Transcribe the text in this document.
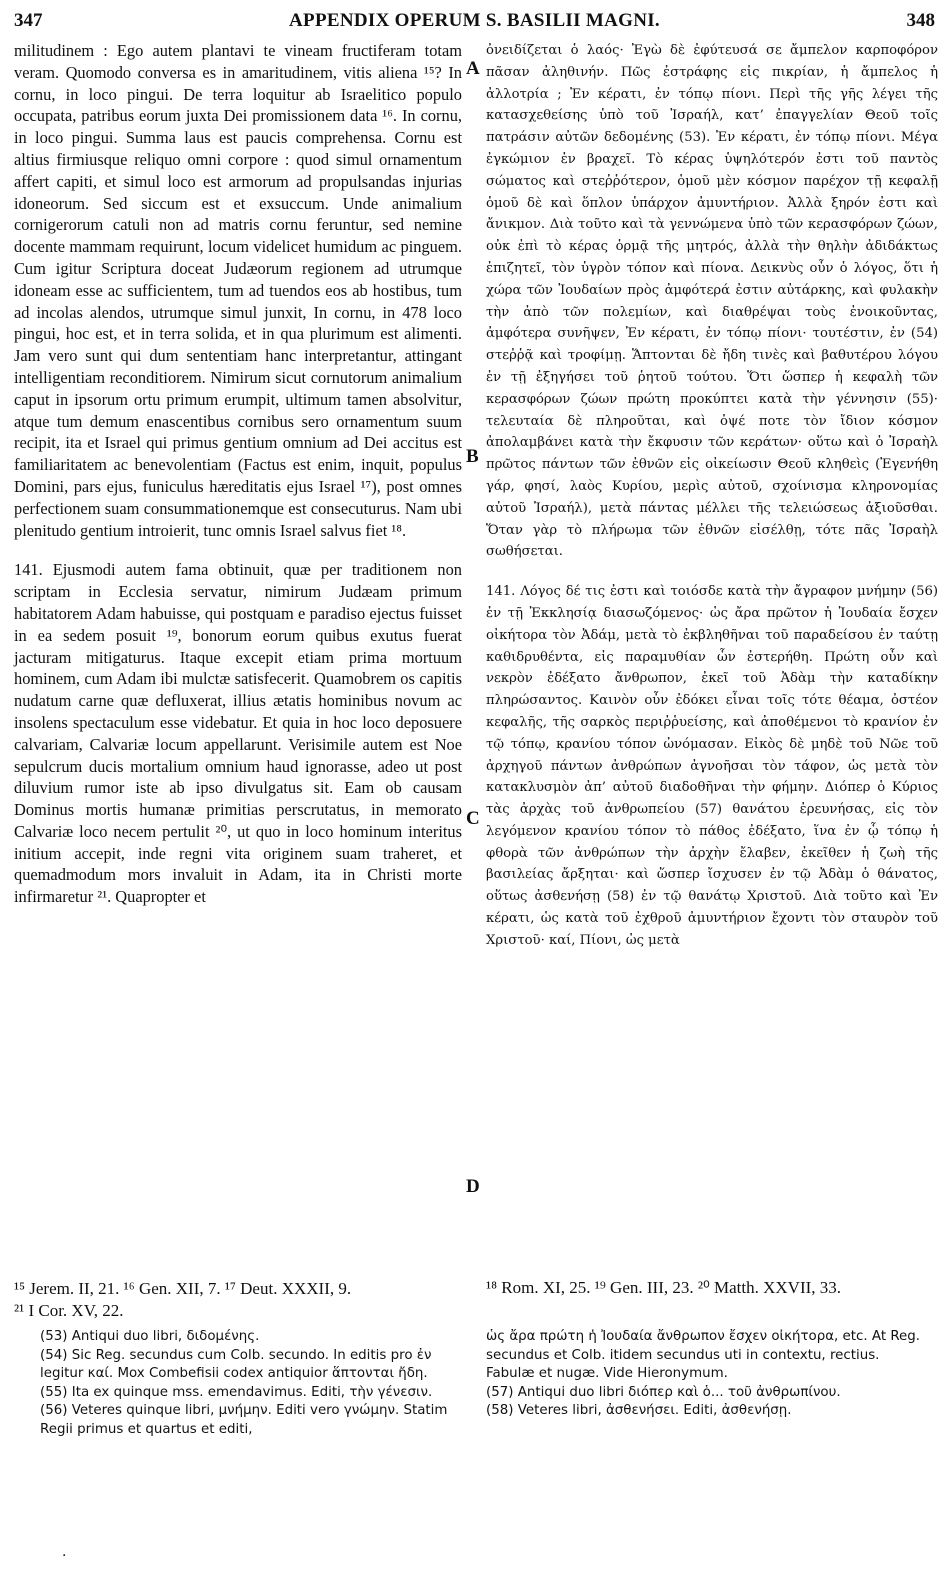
347	APPENDIX OPERUM S. BASILII MAGNI.	348

militudinem : Ego autem plantavi te vineam fructiferam totam veram. Quomodo conversa es in amaritudinem, vitis aliena ¹⁵? In cornu, in loco pingui. De terra loquitur ab Israelitico populo occupata, patribus eorum juxta Dei promissionem data ¹⁶. In cornu, in loco pingui. Summa laus est paucis comprehensa. Cornu est altius firmiusque reliquo omni corpore : quod simul ornamentum affert capiti, et simul loco est armorum ad propulsandas injurias idoneorum. Sed siccum est et exsuccum. Unde animalium cornigerorum catuli non ad matris cornu feruntur, sed nemine docente mammam requirunt, locum videlicet humidum ac pinguem. Cum igitur Scriptura doceat Judæorum regionem ad utrumque idoneam esse ac sufficientem, tum ad tuendos eos ab hostibus, tum ad incolas alendos, utrumque simul junxit, In cornu, in 478 loco pingui, hoc est, et in terra solida, et in qua plurimum est alimenti. Jam vero sunt qui dum sententiam hanc interpretantur, attingant intelligentiam reconditiorem. Nimirum sicut cornutorum animalium caput in ipsorum ortu primum erumpit, ultimum tamen absolvitur, atque tum demum enascentibus cornibus sero ornamentum suum recipit, ita et Israel qui primus gentium omnium ad Dei accitus est familiaritatem ac benevolentiam (Factus est enim, inquit, populus Domini, pars ejus, funiculus hæreditatis ejus Israel ¹⁷), post omnes perfectionem suam consummationemque est consecuturus. Nam ubi plenitudo gentium introierit, tunc omnis Israel salvus fiet ¹⁸.

141. Ejusmodi autem fama obtinuit, quæ per traditionem non scriptam in Ecclesia servatur, nimirum Judæam primum habitatorem Adam habuisse, qui postquam e paradiso ejectus fuisset in ea sedem posuit ¹⁹, bonorum eorum quibus exutus fuerat jacturam mitigaturus. Itaque excepit etiam prima mortuum hominem, cum Adam ibi mulctæ satisfecerit. Quamobrem os capitis nudatum carne quæ defluxerat, illius ætatis hominibus novum ac insolens spectaculum esse videbatur. Et quia in hoc loco deposuere calvariam, Calvariæ locum appellarunt. Verisimile autem est Noe sepulcrum ducis mortalium omnium haud ignorasse, adeo ut post diluvium rumor iste ab ipso divulgatus sit. Eam ob causam Dominus mortis humanæ primitias perscrutatus, in memorato Calvariæ loco necem pertulit ²⁰, ut quo in loco hominum interitus initium accepit, inde regni vita originem suam traheret, et quemadmodum mors invaluit in Adam, ita in Christi morte infirmaretur ²¹. Quapropter et

ὀνειδίζεται ὁ λαός· Ἐγὼ δὲ ἐφύτευσά σε ἄμπελον καρποφόρον πᾶσαν ἀληθινήν. Πῶς ἐστράφης εἰς πικρίαν, ἡ ἄμπελος ἡ ἀλλοτρία ; Ἐν κέρατι, ἐν τόπῳ πίονι. Περὶ τῆς γῆς λέγει τῆς κατασχεθείσης ὑπὸ τοῦ Ἰσραήλ, κατ’ ἐπαγγελίαν Θεοῦ τοῖς πατράσιν αὐτῶν δεδομένης (53). Ἐν κέρατι, ἐν τόπῳ πίονι. Μέγα ἐγκώμιον ἐν βραχεῖ. Τὸ κέρας ὑψηλότερόν ἐστι τοῦ παντὸς σώματος καὶ στεῤῥότερον, ὁμοῦ μὲν κόσμον παρέχον τῇ κεφαλῇ ὁμοῦ δὲ καὶ ὅπλον ὑπάρχον ἀμυντήριον. Ἀλλὰ ξηρόν ἐστι καὶ ἄνικμον. Διὰ τοῦτο καὶ τὰ γεννώμενα ὑπὸ τῶν κερασφόρων ζώων, οὐκ ἐπὶ τὸ κέρας ὁρμᾷ τῆς μητρός, ἀλλὰ τὴν θηλὴν ἀδιδάκτως ἐπιζητεῖ, τὸν ὑγρὸν τόπον καὶ πίονα. Δεικνὺς οὖν ὁ λόγος, ὅτι ἡ χώρα τῶν Ἰουδαίων πρὸς ἀμφότερά ἐστιν αὐτάρκης, καὶ φυλακὴν τὴν ἀπὸ τῶν πολεμίων, καὶ διαθρέψαι τοὺς ἐνοικοῦντας, ἀμφότερα συνῆψεν, Ἐν κέρατι, ἐν τόπῳ πίονι· τουτέστιν, ἐν (54) στεῤῥᾷ καὶ τροφίμῃ. Ἅπτονται δὲ ἤδη τινὲς καὶ βαθυτέρου λόγου ἐν τῇ ἐξηγήσει τοῦ ῥητοῦ τούτου. Ὅτι ὥσπερ ἡ κεφαλὴ τῶν κερασφόρων ζώων πρώτη προκύπτει κατὰ τὴν γέννησιν (55)· τελευταία δὲ πληροῦται, καὶ ὀψέ ποτε τὸν ἴδιον κόσμον ἀπολαμβάνει κατὰ τὴν ἔκφυσιν τῶν κεράτων· οὕτω καὶ ὁ Ἰσραὴλ πρῶτος πάντων τῶν ἐθνῶν εἰς οἰκείωσιν Θεοῦ κληθεὶς (Ἐγενήθη γάρ, φησί, λαὸς Κυρίου, μερὶς αὐτοῦ, σχοίνισμα κληρονομίας αὐτοῦ Ἰσραήλ), μετὰ πάντας μέλλει τῆς τελειώσεως ἀξιοῦσθαι. Ὅταν γὰρ τὸ πλήρωμα τῶν ἐθνῶν εἰσέλθῃ, τότε πᾶς Ἰσραὴλ σωθήσεται.

141. Λόγος δέ τις ἐστι καὶ τοιόσδε κατὰ τὴν ἄγραφον μνήμην (56) ἐν τῇ Ἐκκλησίᾳ διασωζόμενος· ὡς ἄρα πρῶτον ἡ Ἰουδαία ἔσχεν οἰκήτορα τὸν Ἀδάμ, μετὰ τὸ ἐκβληθῆναι τοῦ παραδείσου ἐν ταύτῃ καθιδρυθέντα, εἰς παραμυθίαν ὧν ἐστερήθη. Πρώτη οὖν καὶ νεκρὸν ἐδέξατο ἄνθρωπον, ἐκεῖ τοῦ Ἀδὰμ τὴν καταδίκην πληρώσαντος. Καινὸν οὖν ἐδόκει εἶναι τοῖς τότε θέαμα, ὀστέον κεφαλῆς, τῆς σαρκὸς περιῤῥυείσης, καὶ ἀποθέμενοι τὸ κρανίον ἐν τῷ τόπῳ, κρανίου τόπον ὠνόμασαν. Εἰκὸς δὲ μηδὲ τοῦ Νῶε τοῦ ἀρχηγοῦ πάντων ἀνθρώπων ἀγνοῆσαι τὸν τάφον, ὡς μετὰ τὸν κατακλυσμὸν ἀπ’ αὐτοῦ διαδοθῆναι τὴν φήμην. Διόπερ ὁ Κύριος τὰς ἀρχὰς τοῦ ἀνθρωπείου (57) θανάτου ἐρευνήσας, εἰς τὸν λεγόμενον κρανίου τόπον τὸ πάθος ἐδέξατο, ἵνα ἐν ᾧ τόπῳ ἡ φθορὰ τῶν ἀνθρώπων τὴν ἀρχὴν ἔλαβεν, ἐκεῖθεν ἡ ζωὴ τῆς βασιλείας ἄρξηται· καὶ ὥσπερ ἴσχυσεν ἐν τῷ Ἀδὰμ ὁ θάνατος, οὕτως ἀσθενήσῃ (58) ἐν τῷ θανάτῳ Χριστοῦ. Διὰ τοῦτο καὶ Ἐν κέρατι, ὡς κατὰ τοῦ ἐχθροῦ ἀμυντήριον ἔχοντι τὸν σταυρὸν τοῦ Χριστοῦ· καί, Πίονι, ὡς μετὰ

A
B
C
D
¹⁵ Jerem. II, 21. ¹⁶ Gen. XII, 7. ¹⁷ Deut. XXXII, 9.
²¹ I Cor. XV, 22.
¹⁸ Rom. XI, 25. ¹⁹ Gen. III, 23. ²⁰ Matth. XXVII, 33.

(53) Antiqui duo libri, διδομένης.

(54) Sic Reg. secundus cum Colb. secundo. In editis pro ἐν legitur καί. Mox Combefisii codex antiquior ἅπτονται ἤδη.

(55) Ita ex quinque mss. emendavimus. Editi, τὴν γένεσιν.

(56) Veteres quinque libri, μνήμην. Editi vero γνώμην. Statim Regii primus et quartus et editi,

ὡς ἄρα πρώτη ἡ Ἰουδαία ἄνθρωπον ἔσχεν οἰκήτορα, etc. At Reg. secundus et Colb. itidem secundus uti in contextu, rectius. Fabulæ et nugæ. Vide Hieronymum.

(57) Antiqui duo libri διόπερ καὶ ὁ... τοῦ ἀνθρωπίνου.

(58) Veteres libri, ἀσθενήσει. Editi, ἀσθενήσῃ.

·
